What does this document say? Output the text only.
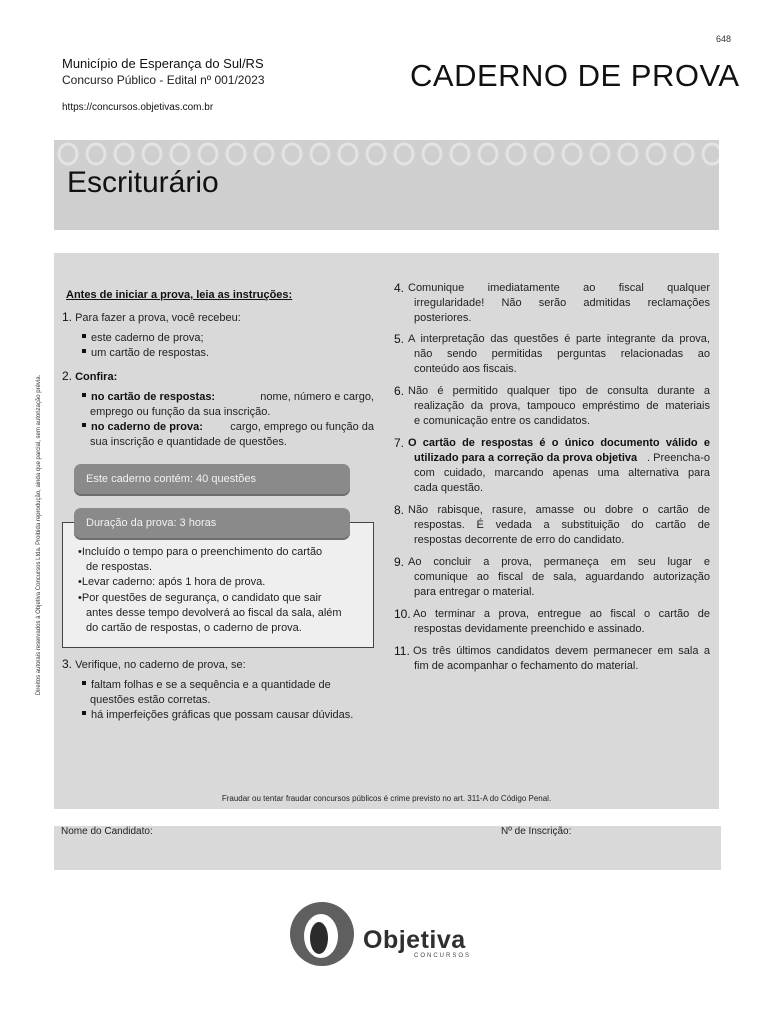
648
Município de Esperança do Sul/RS
Concurso Público - Edital nº 001/2023
https://concursos.objetivas.com.br
CADERNO DE PROVA
Escriturário
Antes de iniciar a prova, leia as instruções:
1. Para fazer a prova, você recebeu:
este caderno de prova;
um cartão de respostas.
2. Confira:
no cartão de respostas:	nome, número e cargo,
emprego ou função da sua inscrição.
no caderno de prova: cargo, emprego ou função da
sua inscrição e quantidade de questões.
Este caderno contém: 40 questões
Duração da prova: 3 horas
•Incluído o tempo para o preenchimento do cartão
de respostas.
•Levar caderno: após 1 hora de prova.
•Por questões de segurança, o candidato que sair
antes desse tempo devolverá ao fiscal da sala, além
do cartão de respostas, o caderno de prova.
3. Verifique, no caderno de prova, se:
faltam folhas e se a sequência e a quantidade de
questões estão corretas.
há imperfeições gráficas que possam causar dúvidas.
4. Comunique imediatamente ao fiscal qualquer
irregularidade! Não serão admitidas reclamações
posteriores.
5. A interpretação das questões é parte integrante da prova,
não sendo permitidas perguntas relacionadas ao
conteúdo aos fiscais.
6. Não é permitido qualquer tipo de consulta durante a
realização da prova, tampouco empréstimo de materiais
e comunicação entre os candidatos.
7. O cartão de respostas é o único documento válido e
utilizado para a correção da prova objetiva . Preencha-o
com cuidado, marcando apenas uma alternativa para
cada questão.
8. Não rabisque, rasure, amasse ou dobre o cartão de
respostas. É vedada a substituição do cartão de
respostas decorrente de erro do candidato.
9. Ao concluir a prova, permaneça em seu lugar e
comunique ao fiscal de sala, aguardando autorização
para entregar o material.
10. Ao terminar a prova, entregue ao fiscal o cartão de
respostas devidamente preenchido e assinado.
11. Os três últimos candidatos devem permanecer em sala a
fim de acompanhar o fechamento do material.
Fraudar ou tentar fraudar concursos públicos é crime previsto no art. 311-A do Código Penal.
Nome do Candidato:	Nº de Inscrição:
Direitos autorais reservados à Objetiva Concursos Ltda. Proibida reprodução, ainda que parcial, sem autorização prévia.
Objetiva
CONCURSOS
